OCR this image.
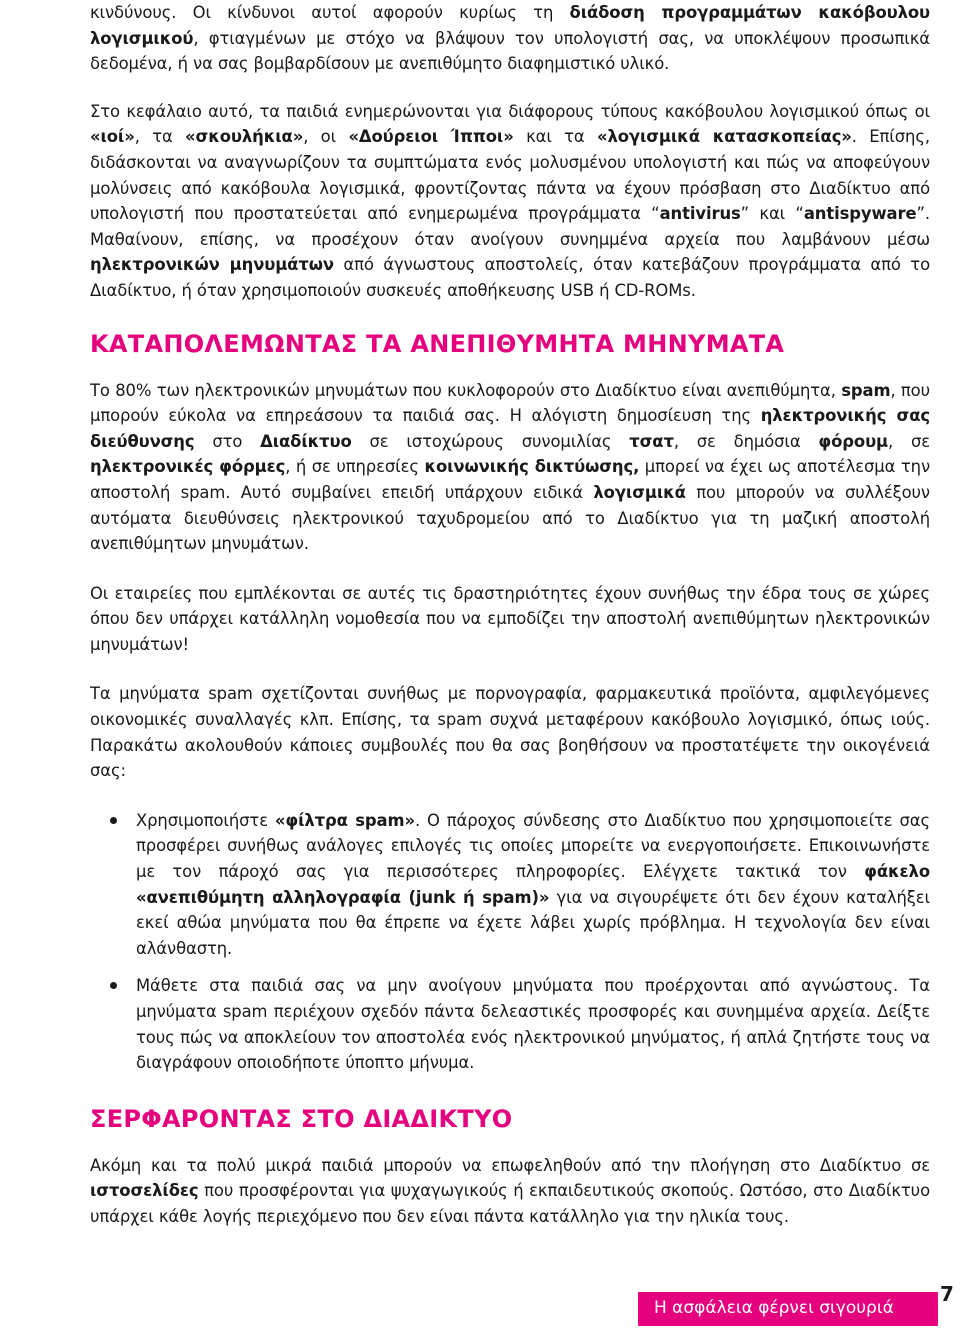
κινδύνους. Οι κίνδυνοι αυτοί αφορούν κυρίως τη διάδοση προγραμμάτων κακόβουλου λογισμικού, φτιαγμένων με στόχο να βλάψουν τον υπολογιστή σας, να υποκλέψουν προσωπικά δεδομένα, ή να σας βομβαρδίσουν με ανεπιθύμητο διαφημιστικό υλικό.

Στο κεφάλαιο αυτό, τα παιδιά ενημερώνονται για διάφορους τύπους κακόβουλου λογισμικού όπως οι «ιοί», τα «σκουλήκια», οι «Δούρειοι Ίπποι» και τα «λογισμικά κατασκοπείας». Επίσης, διδάσκονται να αναγνωρίζουν τα συμπτώματα ενός μολυσμένου υπολογιστή και πώς να αποφεύγουν μολύνσεις από κακόβουλα λογισμικά, φροντίζοντας πάντα να έχουν πρόσβαση στο Διαδίκτυο από υπολογιστή που προστατεύεται από ενημερωμένα προγράμματα “antivirus” και “antispyware”. Μαθαίνουν, επίσης, να προσέχουν όταν ανοίγουν συνημμένα αρχεία που λαμβάνουν μέσω ηλεκτρονικών μηνυμάτων από άγνωστους αποστολείς, όταν κατεβάζουν προγράμματα από το Διαδίκτυο, ή όταν χρησιμοποιούν συσκευές αποθήκευσης USB ή CD-ROMs.

ΚΑΤΑΠΟΛΕΜΩΝΤΑΣ ΤΑ ΑΝΕΠΙΘΥΜΗΤΑ ΜΗΝΥΜΑΤΑ

Το 80% των ηλεκτρονικών μηνυμάτων που κυκλοφορούν στο Διαδίκτυο είναι ανεπιθύμητα, spam, που μπορούν εύκολα να επηρεάσουν τα παιδιά σας. Η αλόγιστη δημοσίευση της ηλεκτρονικής σας διεύθυνσης στο Διαδίκτυο σε ιστοχώρους συνομιλίας τσατ, σε δημόσια φόρουμ, σε ηλεκτρονικές φόρμες, ή σε υπηρεσίες κοινωνικής δικτύωσης, μπορεί να έχει ως αποτέλεσμα την αποστολή spam. Αυτό συμβαίνει επειδή υπάρχουν ειδικά λογισμικά που μπορούν να συλλέξουν αυτόματα διευθύνσεις ηλεκτρονικού ταχυδρομείου από το Διαδίκτυο για τη μαζική αποστολή ανεπιθύμητων μηνυμάτων.

Οι εταιρείες που εμπλέκονται σε αυτές τις δραστηριότητες έχουν συνήθως την έδρα τους σε χώρες όπου δεν υπάρχει κατάλληλη νομοθεσία που να εμποδίζει την αποστολή ανεπιθύμητων ηλεκτρονικών μηνυμάτων!

Τα μηνύματα spam σχετίζονται συνήθως με πορνογραφία, φαρμακευτικά προϊόντα, αμφιλεγόμενες οικονομικές συναλλαγές κλπ. Επίσης, τα spam συχνά μεταφέρουν κακόβουλο λογισμικό, όπως ιούς. Παρακάτω ακολουθούν κάποιες συμβουλές που θα σας βοηθήσουν να προστατέψετε την οικογένειά σας:

Χρησιμοποιήστε «φίλτρα spam». Ο πάροχος σύνδεσης στο Διαδίκτυο που χρησιμοποιείτε σας προσφέρει συνήθως ανάλογες επιλογές τις οποίες μπορείτε να ενεργοποιήσετε. Επικοινωνήστε με τον πάροχό σας για περισσότερες πληροφορίες. Ελέγχετε τακτικά τον φάκελο «ανεπιθύμητη αλληλογραφία (junk ή spam)» για να σιγουρέψετε ότι δεν έχουν καταλήξει εκεί αθώα μηνύματα που θα έπρεπε να έχετε λάβει χωρίς πρόβλημα. Η τεχνολογία δεν είναι αλάνθαστη.

Μάθετε στα παιδιά σας να μην ανοίγουν μηνύματα που προέρχονται από αγνώστους. Τα μηνύματα spam περιέχουν σχεδόν πάντα δελεαστικές προσφορές και συνημμένα αρχεία. Δείξτε τους πώς να αποκλείουν τον αποστολέα ενός ηλεκτρονικού μηνύματος, ή απλά ζητήστε τους να διαγράφουν οποιοδήποτε ύποπτο μήνυμα.

ΣΕΡΦΑΡΟΝΤΑΣ ΣΤΟ ΔΙΑΔΙΚΤΥΟ

Ακόμη και τα πολύ μικρά παιδιά μπορούν να επωφεληθούν από την πλοήγηση στο Διαδίκτυο σε ιστοσελίδες που προσφέρονται για ψυχαγωγικούς ή εκπαιδευτικούς σκοπούς. Ωστόσο, στο Διαδίκτυο υπάρχει κάθε λογής περιεχόμενο που δεν είναι πάντα κατάλληλο για την ηλικία τους.

Η ασφάλεια φέρνει σιγουριά
7
